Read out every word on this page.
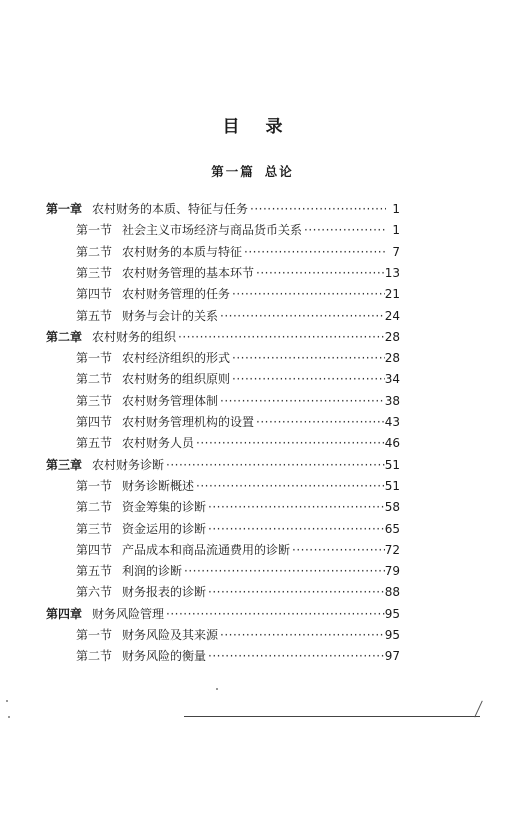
目录
第一篇 总论
第一章 农村财务的本质、特征与任务 ·····	1
第一节 社会主义市场经济与商品货币关系 ·····	1
第二节 农村财务的本质与特征 ·····	7
第三节 农村财务管理的基本环节 ·····	13
第四节 农村财务管理的任务 ·····	21
第五节 财务与会计的关系 ·····	24
第二章 农村财务的组织 ·····	28
第一节 农村经济组织的形式 ·····	28
第二节 农村财务的组织原则 ·····	34
第三节 农村财务管理体制 ·····	38
第四节 农村财务管理机构的设置 ·····	43
第五节 农村财务人员 ·····	46
第三章 农村财务诊断 ·····	51
第一节 财务诊断概述 ·····	51
第二节 资金筹集的诊断 ·····	58
第三节 资金运用的诊断 ·····	65
第四节 产品成本和商品流通费用的诊断 ·····	72
第五节 利润的诊断 ·····	79
第六节 财务报表的诊断 ·····	88
第四章 财务风险管理 ·····	95
第一节 财务风险及其来源 ·····	95
第二节 财务风险的衡量 ·····	97
